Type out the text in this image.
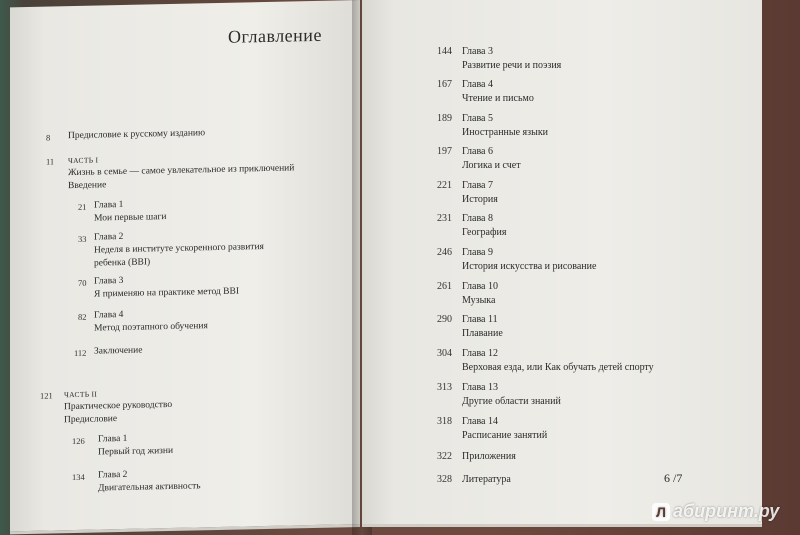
Оглавление
8 Предисловие к русскому изданию
11 ЧАСТЬ I
Жизнь в семье — самое увлекательное из приключений
Введение
21 Глава 1
Мои первые шаги
33 Глава 2
Неделя в институте ускоренного развития
ребенка (ВВI)
70 Глава 3
Я применяю на практике метод ВВI
82 Глава 4
Метод поэтапного обучения
112 Заключение
121 ЧАСТЬ II
Практическое руководство
Предисловие
126 Глава 1
Первый год жизни
134 Глава 2
Двигательная активность
144 Глава 3
Развитие речи и поэзия
167 Глава 4
Чтение и письмо
189 Глава 5
Иностранные языки
197 Глава 6
Логика и счет
221 Глава 7
История
231 Глава 8
География
246 Глава 9
История искусства и рисование
261 Глава 10
Музыка
290 Глава 11
Плавание
304 Глава 12
Верховая езда, или Как обучать детей спорту
313 Глава 13
Другие области знаний
318 Глава 14
Расписание занятий
322 Приложения
328 Литература	6 /7
Л абиринт.ру
